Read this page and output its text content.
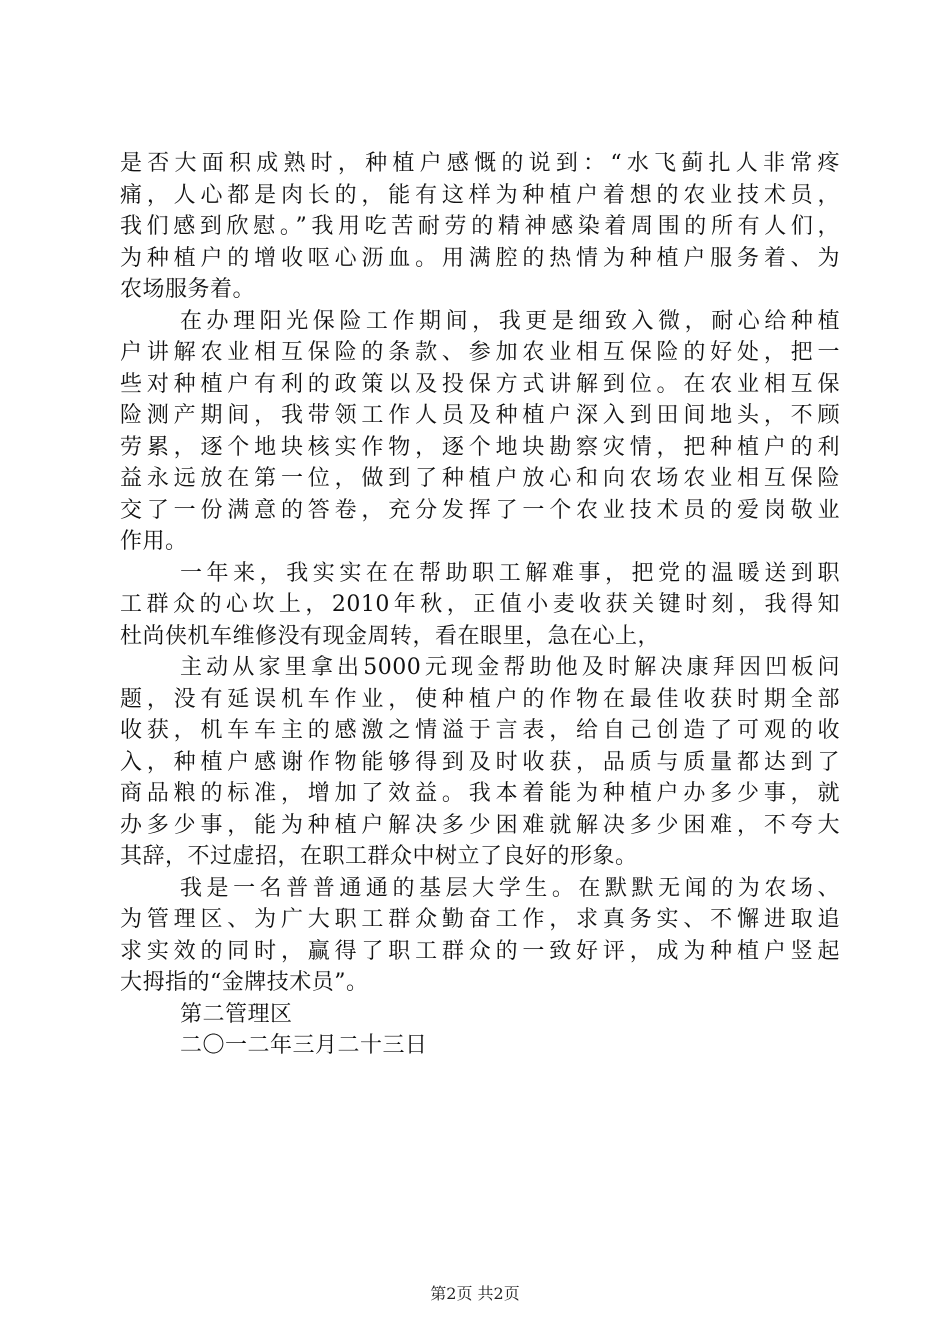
是否大面积成熟时，种植户感慨的说到：“水飞蓟扎人非常疼
痛，人心都是肉长的，能有这样为种植户着想的农业技术员，
我们感到欣慰。”我用吃苦耐劳的精神感染着周围的所有人们，
为种植户的增收呕心沥血。用满腔的热情为种植户服务着、为
农场服务着。
在办理阳光保险工作期间，我更是细致入微，耐心给种植
户讲解农业相互保险的条款、参加农业相互保险的好处，把一
些对种植户有利的政策以及投保方式讲解到位。在农业相互保
险测产期间，我带领工作人员及种植户深入到田间地头，不顾
劳累，逐个地块核实作物，逐个地块勘察灾情，把种植户的利
益永远放在第一位，做到了种植户放心和向农场农业相互保险
交了一份满意的答卷，充分发挥了一个农业技术员的爱岗敬业
作用。
一年来，我实实在在帮助职工解难事，把党的温暖送到职
工群众的心坎上，2010年秋，正值小麦收获关键时刻，我得知
杜尚侠机车维修没有现金周转，看在眼里，急在心上，
主动从家里拿出5000元现金帮助他及时解决康拜因凹板问
题，没有延误机车作业，使种植户的作物在最佳收获时期全部
收获，机车车主的感激之情溢于言表，给自己创造了可观的收
入，种植户感谢作物能够得到及时收获，品质与质量都达到了
商品粮的标准，增加了效益。我本着能为种植户办多少事，就
办多少事，能为种植户解决多少困难就解决多少困难，不夸大
其辞，不过虚招，在职工群众中树立了良好的形象。
我是一名普普通通的基层大学生。在默默无闻的为农场、
为管理区、为广大职工群众勤奋工作，求真务实、不懈进取追
求实效的同时，赢得了职工群众的一致好评，成为种植户竖起
大拇指的“金牌技术员”。
第二管理区
二〇一二年三月二十三日
第2页 共2页
